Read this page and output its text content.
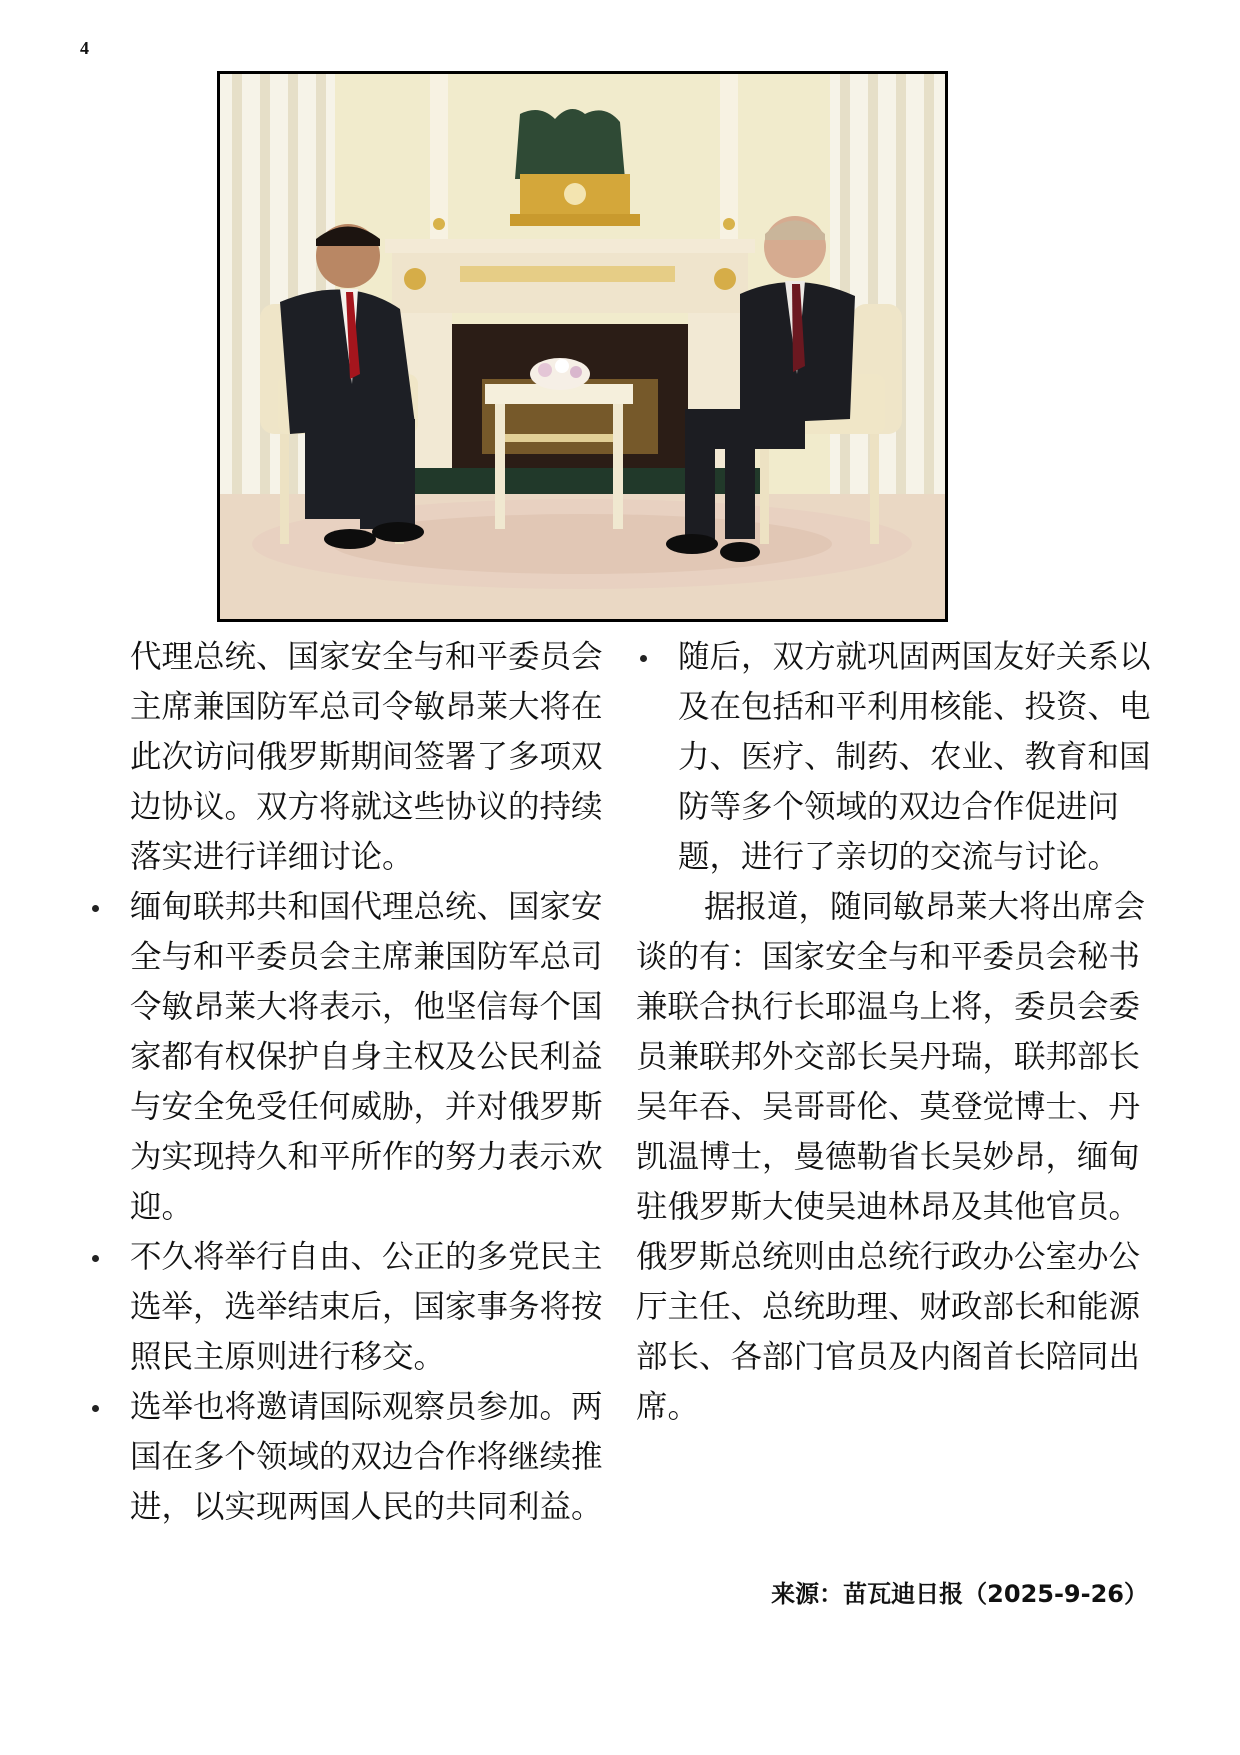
4

代理总统、国家安全与和平委员会主席兼国防军总司令敏昂莱大将在此次访问俄罗斯期间签署了多项双边协议。双方将就这些协议的持续落实进行详细讨论。

缅甸联邦共和国代理总统、国家安全与和平委员会主席兼国防军总司令敏昂莱大将表示，他坚信每个国家都有权保护自身主权及公民利益与安全免受任何威胁，并对俄罗斯为实现持久和平所作的努力表示欢迎。
不久将举行自由、公正的多党民主选举，选举结束后，国家事务将按照民主原则进行移交。
选举也将邀请国际观察员参加。两国在多个领域的双边合作将继续推进，以实现两国人民的共同利益。
随后，双方就巩固两国友好关系以及在包括和平利用核能、投资、电力、医疗、制药、农业、教育和国防等多个领域的双边合作促进问题，进行了亲切的交流与讨论。

据报道，随同敏昂莱大将出席会谈的有：国家安全与和平委员会秘书兼联合执行长耶温乌上将，委员会委员兼联邦外交部长吴丹瑞，联邦部长吴年吞、吴哥哥伦、莫登觉博士、丹凯温博士，曼德勒省长吴妙昂，缅甸驻俄罗斯大使吴迪林昂及其他官员。俄罗斯总统则由总统行政办公室办公厅主任、总统助理、财政部长和能源部长、各部门官员及内阁首长陪同出席。

来源：苗瓦迪日报（2025-9-26）
